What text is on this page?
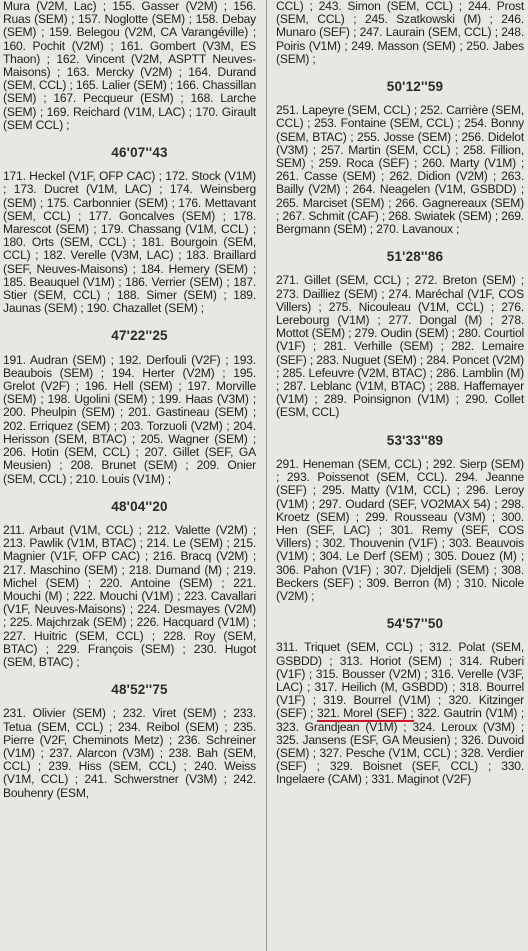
Mura (V2M, Lac) ; 155. Gasser (V2M) ; 156. Ruas (SEM) ; 157. Noglotte (SEM) ; 158. Debay (SEM) ; 159. Belegou (V2M, CA Varangéville) ; 160. Pochit (V2M) ; 161. Gombert (V3M, ES Thaon) ; 162. Vincent (V2M, ASPTT Neuves-Maisons) ; 163. Mercky (V2M) ; 164. Durand (SEM, CCL) ; 165. Lalier (SEM) ; 166. Chassillan (SEM) ; 167. Pecqueur (ESM) ; 168. Larche (SEM) ; 169. Reichard (V1M, LAC) ; 170. Girault (SEM CCL) ;

46'07''43

171. Heckel (V1F, OFP CAC) ; 172. Stock (V1M) ; 173. Ducret (V1M, LAC) ; 174. Weinsberg (SEM) ; 175. Carbonnier (SEM) ; 176. Mettavant (SEM, CCL) ; 177. Goncalves (SEM) ; 178. Marescot (SEM) ; 179. Chassang (V1M, CCL) ; 180. Orts (SEM, CCL) ; 181. Bourgoin (SEM, CCL) ; 182. Verelle (V3M, LAC) ; 183. Braillard (SEF, Neuves-Maisons) ; 184. Hemery (SEM) ; 185. Beauquel (V1M) ; 186. Verrier (SEM) ; 187. Stier (SEM, CCL) ; 188. Simer (SEM) ; 189. Jaunas (SEM) ; 190. Chazallet (SEM) ;

47'22''25

191. Audran (SEM) ; 192. Derfouli (V2F) ; 193. Beaubois (SEM) ; 194. Herter (V2M) ; 195. Grelot (V2F) ; 196. Hell (SEM) ; 197. Morville (SEM) ; 198. Ugolini (SEM) ; 199. Haas (V3M) ; 200. Pheulpin (SEM) ; 201. Gastineau (SEM) ; 202. Erriquez (SEM) ; 203. Torzuoli (V2M) ; 204. Herisson (SEM, BTAC) ; 205. Wagner (SEM) ; 206. Hotin (SEM, CCL) ; 207. Gillet (SEF, GA Meusien) ; 208. Brunet (SEM) ; 209. Onier (SEM, CCL) ; 210. Louis (V1M) ;

48'04''20

211. Arbaut (V1M, CCL) ; 212. Valette (V2M) ; 213. Pawlik (V1M, BTAC) ; 214. Le (SEM) ; 215. Magnier (V1F, OFP CAC) ; 216. Bracq (V2M) ; 217. Maschino (SEM) ; 218. Dumand (M) ; 219. Michel (SEM) ; 220. Antoine (SEM) ; 221. Mouchi (M) ; 222. Mouchi (V1M) ; 223. Cavallari (V1F, Neuves-Maisons) ; 224. Desmayes (V2M) ; 225. Majchrzak (SEM) ; 226. Hacquard (V1M) ; 227. Huitric (SEM, CCL) ; 228. Roy (SEM, BTAC) ; 229. François (SEM) ; 230. Hugot (SEM, BTAC) ;

48'52''75

231. Olivier (SEM) ; 232. Viret (SEM) ; 233. Tetua (SEM, CCL) ; 234. Reibol (SEM) ; 235. Pierre (V2F, Cheminots Metz) ; 236. Schreiner (V1M) ; 237. Alarcon (V3M) ; 238. Bah (SEM, CCL) ; 239. Hiss (SEM, CCL) ; 240. Weiss (V1M, CCL) ; 241. Schwerstner (V3M) ; 242. Bouhenry (ESM,

CCL) ; 243. Simon (SEM, CCL) ; 244. Prost (SEM, CCL) ; 245. Szatkowski (M) ; 246. Munaro (SEF) ; 247. Laurain (SEM, CCL) ; 248. Poiris (V1M) ; 249. Masson (SEM) ; 250. Jabes (SEM) ;

50'12''59

251. Lapeyre (SEM, CCL) ; 252. Carrière (SEM, CCL) ; 253. Fontaine (SEM, CCL) ; 254. Bonny (SEM, BTAC) ; 255. Josse (SEM) ; 256. Didelot (V3M) ; 257. Martin (SEM, CCL) ; 258. Fillion, SEM) ; 259. Roca (SEF) ; 260. Marty (V1M) ; 261. Casse (SEM) ; 262. Didion (V2M) ; 263. Bailly (V2M) ; 264. Neagelen (V1M, GSBDD) ; 265. Marciset (SEM) ; 266. Gagnereaux (SEM) ; 267. Schmit (CAF) ; 268. Swiatek (SEM) ; 269. Bergmann (SEM) ; 270. Lavanoux ;

51'28''86

271. Gillet (SEM, CCL) ; 272. Breton (SEM) ; 273. Dailliez (SEM) ; 274. Maréchal (V1F, COS Villers) ; 275. Nicouleau (V1M, CCL) ; 276. Lerebourg (V1M) ; 277. Dongal (M) ; 278. Mottot (SEM) ; 279. Oudin (SEM) ; 280. Courtiol (V1F) ; 281. Verhille (SEM) ; 282. Lemaire (SEF) ; 283. Nuguet (SEM) ; 284. Poncet (V2M) ; 285. Lefeuvre (V2M, BTAC) ; 286. Lamblin (M) ; 287. Leblanc (V1M, BTAC) ; 288. Haffemayer (V1M) ; 289. Poinsignon (V1M) ; 290. Collet (ESM, CCL)

53'33''89

291. Heneman (SEM, CCL) ; 292. Sierp (SEM) ; 293. Poissenot (SEM, CCL). 294. Jeanne (SEF) ; 295. Matty (V1M, CCL) ; 296. Leroy (V1M) ; 297. Oudard (SEF, VO2MAX 54) ; 298. Kroetz (SEM) ; 299. Rousseau (V3M) ; 300. Hen (SEF, LAC) ; 301. Remy (SEF, COS Villers) ; 302. Thouvenin (V1F) ; 303. Beauvois (V1M) ; 304. Le Derf (SEM) ; 305. Douez (M) ; 306. Pahon (V1F) ; 307. Djeldjeli (SEM) ; 308. Beckers (SEF) ; 309. Berron (M) ; 310. Nicole (V2M) ;

54'57''50

311. Triquet (SEM, CCL) ; 312. Polat (SEM, GSBDD) ; 313. Horiot (SEM) ; 314. Ruberi (V1F) ; 315. Bousser (V2M) ; 316. Verelle (V3F, LAC) ; 317. Heilich (M, GSBDD) ; 318. Bourrel (V1F) ; 319. Bourrel (V1M) ; 320. Kitzinger (SEF) ; 321. Morel (SEF) ; 322. Gautrin (V1M) ; 323. Grandjean (V1M) ; 324. Leroux (V3M) ; 325. Jansens (ESF, GA Meusien) ; 326. Duvoid (SEM) ; 327. Pesche (V1M, CCL) ; 328. Verdier (SEF) ; 329. Boisnet (SEF, CCL) ; 330. Ingelaere (CAM) ; 331. Maginot (V2F)
